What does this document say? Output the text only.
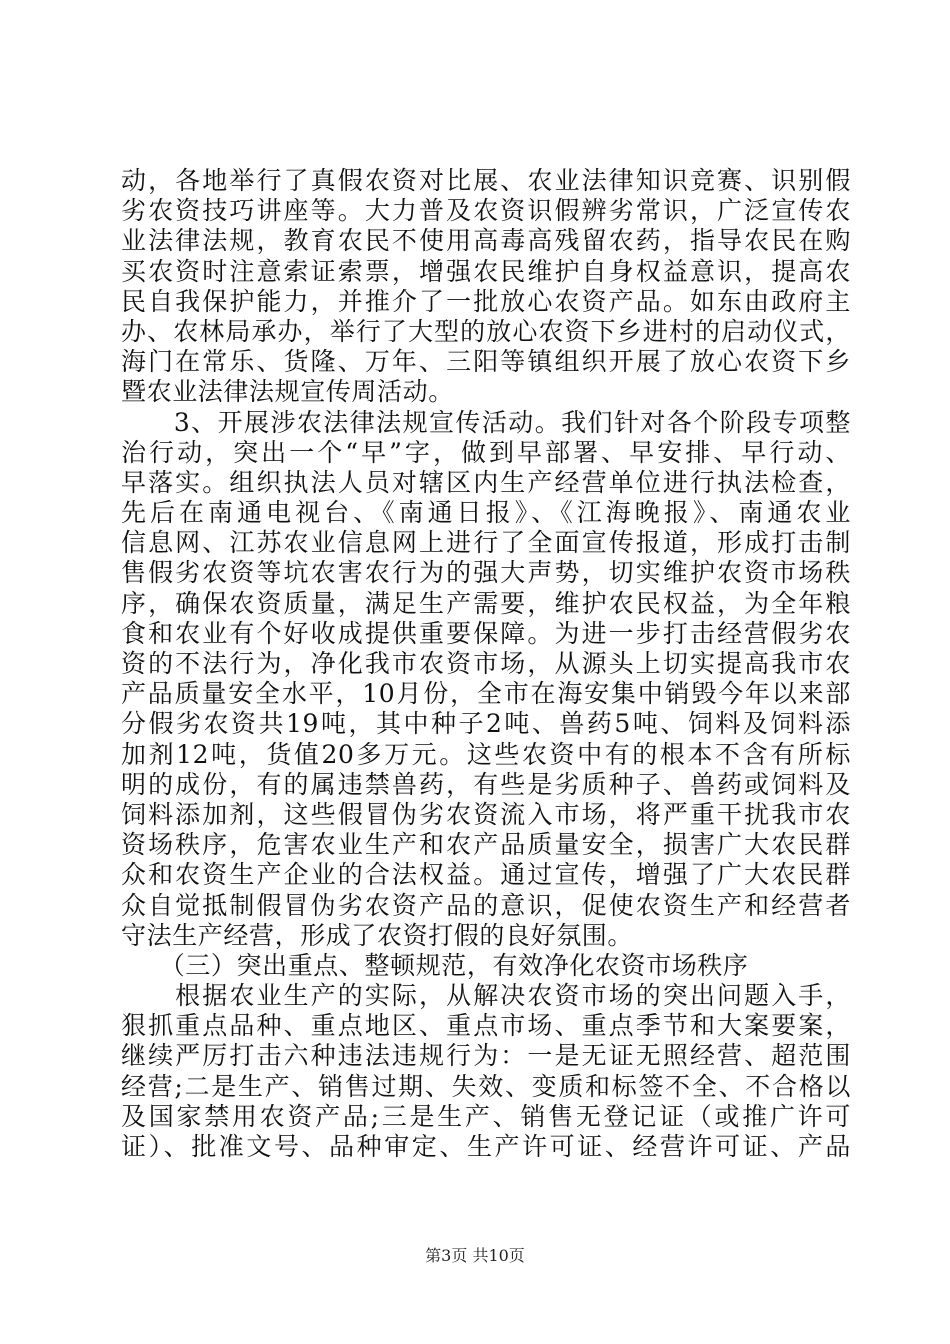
动，各地举行了真假农资对比展、农业法律知识竞赛、识别假
劣农资技巧讲座等。大力普及农资识假辨劣常识，广泛宣传农
业法律法规，教育农民不使用高毒高残留农药，指导农民在购
买农资时注意索证索票，增强农民维护自身权益意识，提高农
民自我保护能力，并推介了一批放心农资产品。如东由政府主
办、农林局承办，举行了大型的放心农资下乡进村的启动仪式，
海门在常乐、货隆、万年、三阳等镇组织开展了放心农资下乡
暨农业法律法规宣传周活动。
　　3、开展涉农法律法规宣传活动。我们针对各个阶段专项整
治行动，突出一个“早”字，做到早部署、早安排、早行动、
早落实。组织执法人员对辖区内生产经营单位进行执法检查，
先后在南通电视台、《南通日报》、《江海晚报》、南通农业
信息网、江苏农业信息网上进行了全面宣传报道，形成打击制
售假劣农资等坑农害农行为的强大声势，切实维护农资市场秩
序，确保农资质量，满足生产需要，维护农民权益，为全年粮
食和农业有个好收成提供重要保障。为进一步打击经营假劣农
资的不法行为，净化我市农资市场，从源头上切实提高我市农
产品质量安全水平，10月份，全市在海安集中销毁今年以来部
分假劣农资共19吨，其中种子2吨、兽药5吨、饲料及饲料添
加剂12吨，货值20多万元。这些农资中有的根本不含有所标
明的成份，有的属违禁兽药，有些是劣质种子、兽药或饲料及
饲料添加剂，这些假冒伪劣农资流入市场，将严重干扰我市农
资场秩序，危害农业生产和农产品质量安全，损害广大农民群
众和农资生产企业的合法权益。通过宣传，增强了广大农民群
众自觉抵制假冒伪劣农资产品的意识，促使农资生产和经营者
守法生产经营，形成了农资打假的良好氛围。
　　（三）突出重点、整顿规范，有效净化农资市场秩序
　　根据农业生产的实际，从解决农资市场的突出问题入手，
狠抓重点品种、重点地区、重点市场、重点季节和大案要案，
继续严厉打击六种违法违规行为：一是无证无照经营、超范围
经营;二是生产、销售过期、失效、变质和标签不全、不合格以
及国家禁用农资产品;三是生产、销售无登记证（或推广许可
证）、批准文号、品种审定、生产许可证、经营许可证、产品
第3页 共10页
